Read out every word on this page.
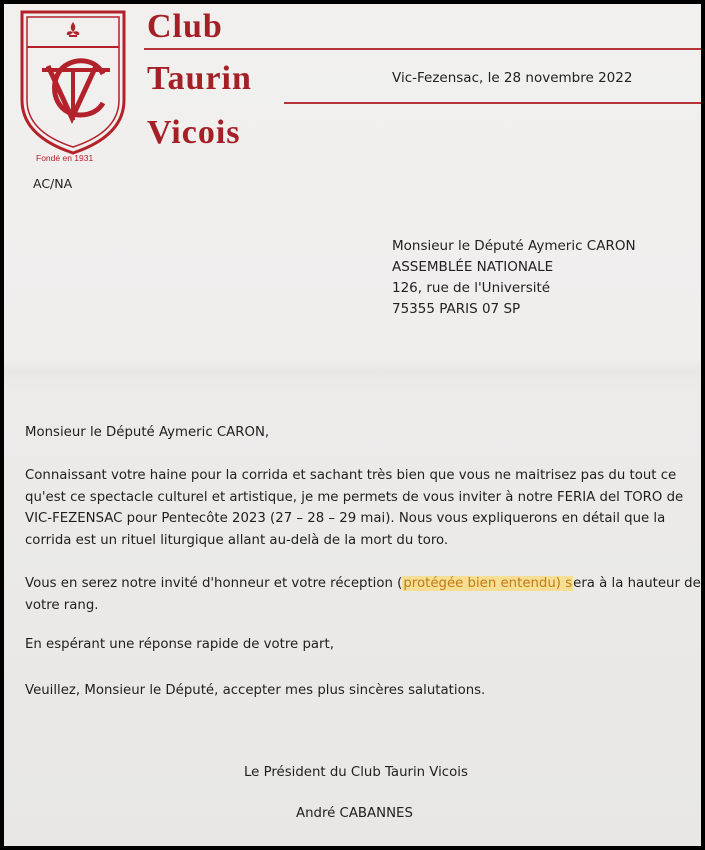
Fondé en 1931
Club
Taurin
Vicois
Vic-Fezensac, le 28 novembre 2022
AC/NA
Monsieur le Député Aymeric CARON
ASSEMBLÉE NATIONALE
126, rue de l'Université
75355 PARIS 07 SP
Monsieur le Député Aymeric CARON,
Connaissant votre haine pour la corrida et sachant très bien que vous ne maitrisez pas du tout ce
qu'est ce spectacle culturel et artistique, je me permets de vous inviter à notre FERIA del TORO de
VIC-FEZENSAC pour Pentecôte 2023 (27 – 28 – 29 mai). Nous vous expliquerons en détail que la
corrida est un rituel liturgique allant au-delà de la mort du toro.
Vous en serez notre invité d'honneur et votre réception (protégée bien entendu) sera à la hauteur de
votre rang.
En espérant une réponse rapide de votre part,
Veuillez, Monsieur le Député, accepter mes plus sincères salutations.
Le Président du Club Taurin Vicois
André CABANNES
